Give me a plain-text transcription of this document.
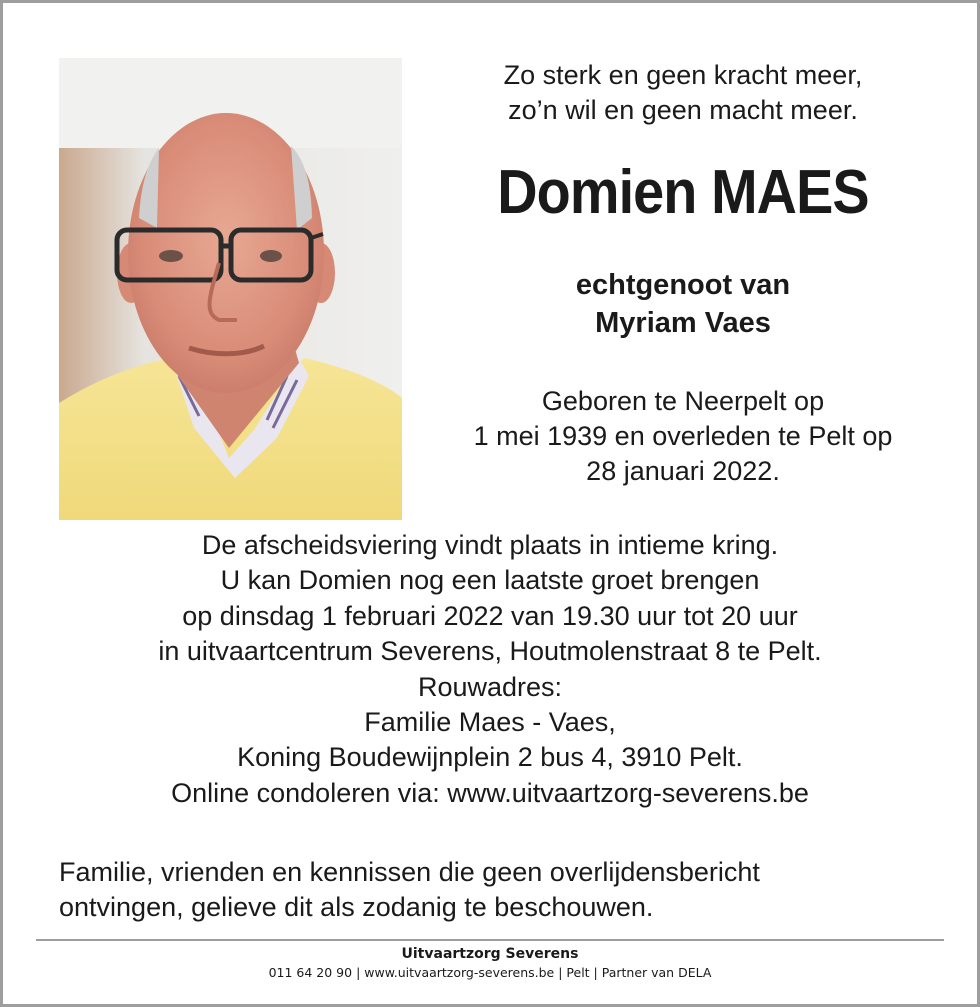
Zo sterk en geen kracht meer,
zo’n wil en geen macht meer.
Domien MAES
echtgenoot van
Myriam Vaes
Geboren te Neerpelt op
1 mei 1939 en overleden te Pelt op
28 januari 2022.
De afscheidsviering vindt plaats in intieme kring.
U kan Domien nog een laatste groet brengen
op dinsdag 1 februari 2022 van 19.30 uur tot 20 uur
in uitvaartcentrum Severens, Houtmolenstraat 8 te Pelt.
Rouwadres:
Familie Maes - Vaes,
Koning Boudewijnplein 2 bus 4, 3910 Pelt.
Online condoleren via: www.uitvaartzorg-severens.be
Familie, vrienden en kennissen die geen overlijdensbericht
ontvingen, gelieve dit als zodanig te beschouwen.
Uitvaartzorg Severens
011 64 20 90 | www.uitvaartzorg-severens.be | Pelt | Partner van DELA
